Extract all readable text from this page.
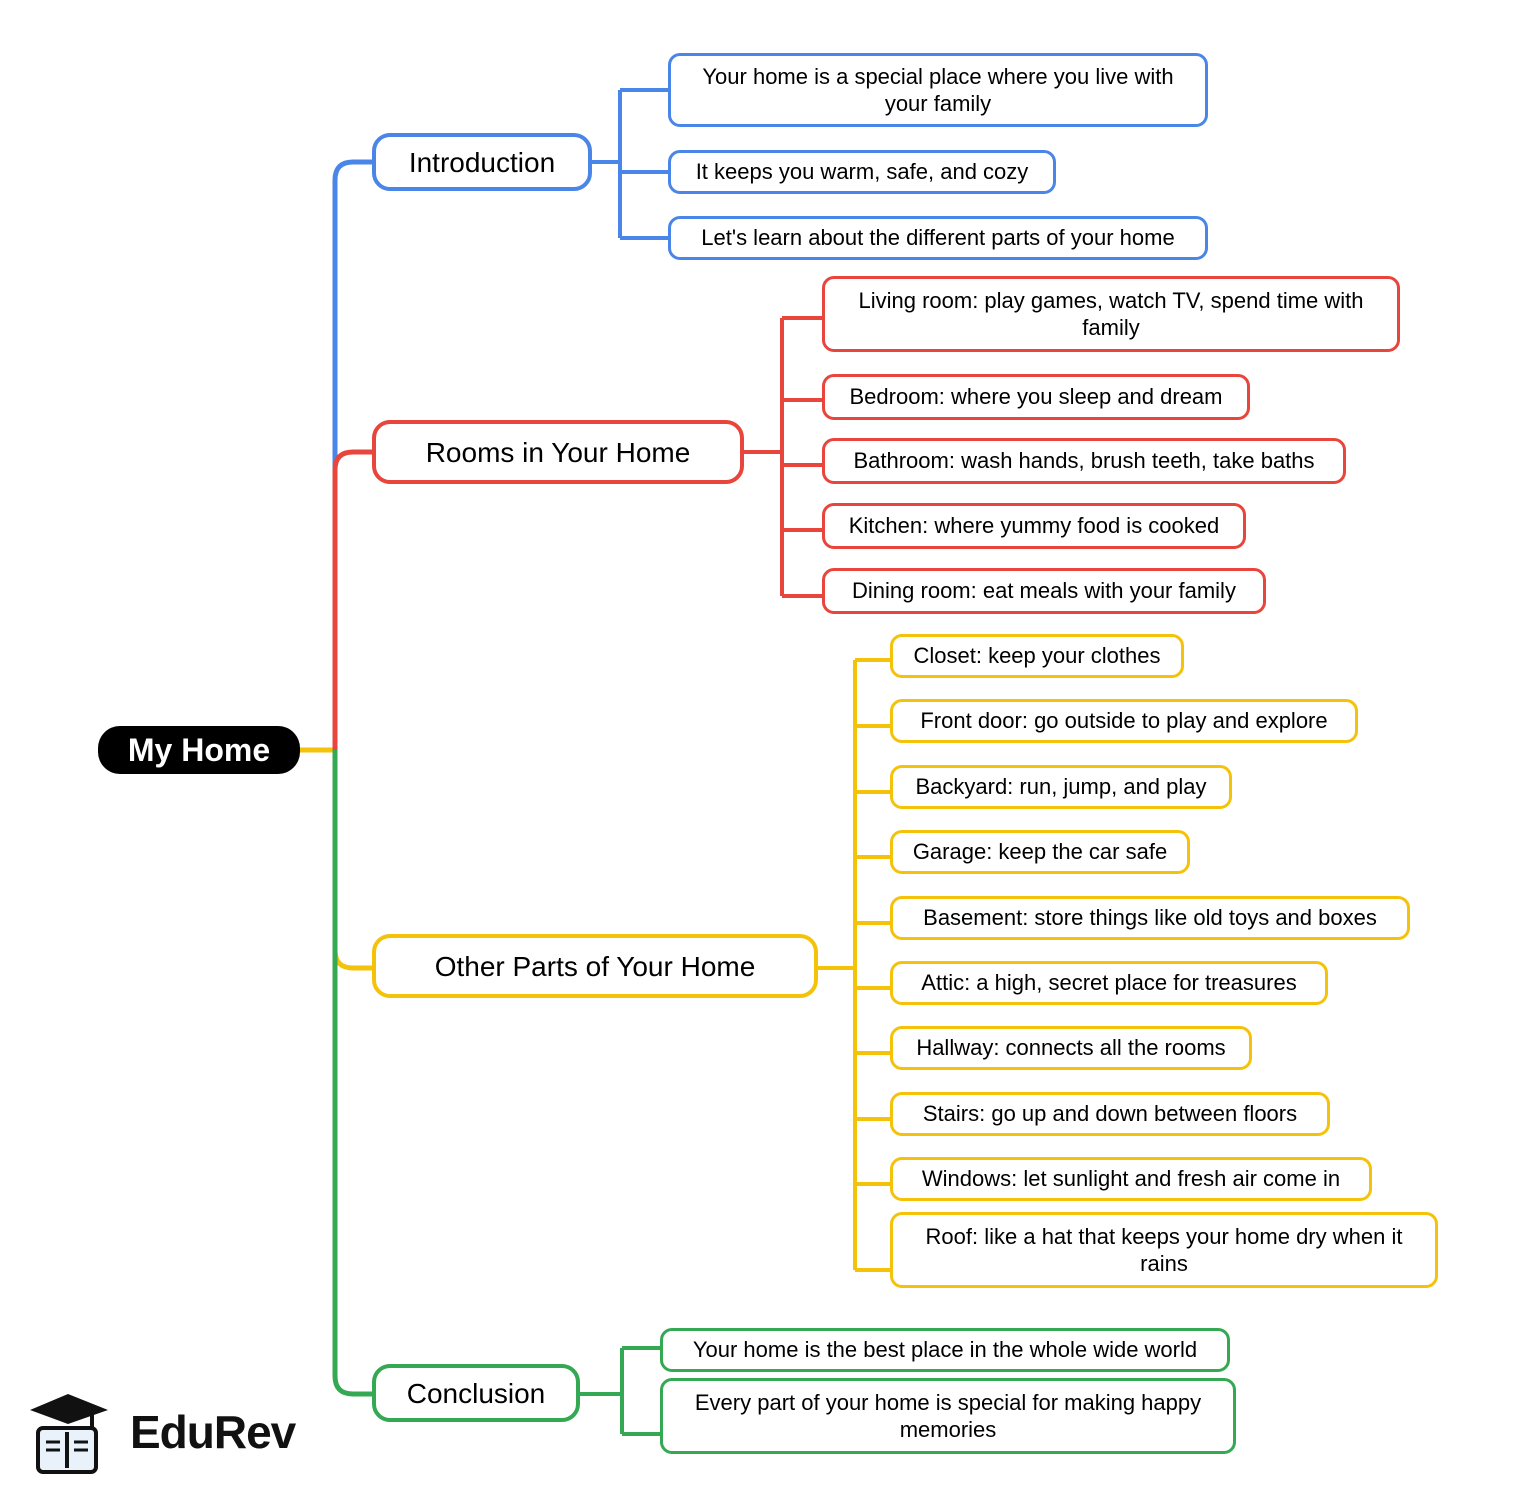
My Home
Introduction
Your home is a special place where you live with your family
It keeps you warm, safe, and cozy
Let's learn about the different parts of your home
Rooms in Your Home
Living room: play games, watch TV, spend time with family
Bedroom: where you sleep and dream
Bathroom: wash hands, brush teeth, take baths
Kitchen: where yummy food is cooked
Dining room: eat meals with your family
Other Parts of Your Home
Closet: keep your clothes
Front door: go outside to play and explore
Backyard: run, jump, and play
Garage: keep the car safe
Basement: store things like old toys and boxes
Attic: a high, secret place for treasures
Hallway: connects all the rooms
Stairs: go up and down between floors
Windows: let sunlight and fresh air come in
Roof: like a hat that keeps your home dry when it rains
Conclusion
Your home is the best place in the whole wide world
Every part of your home is special for making happy memories
EduRev
